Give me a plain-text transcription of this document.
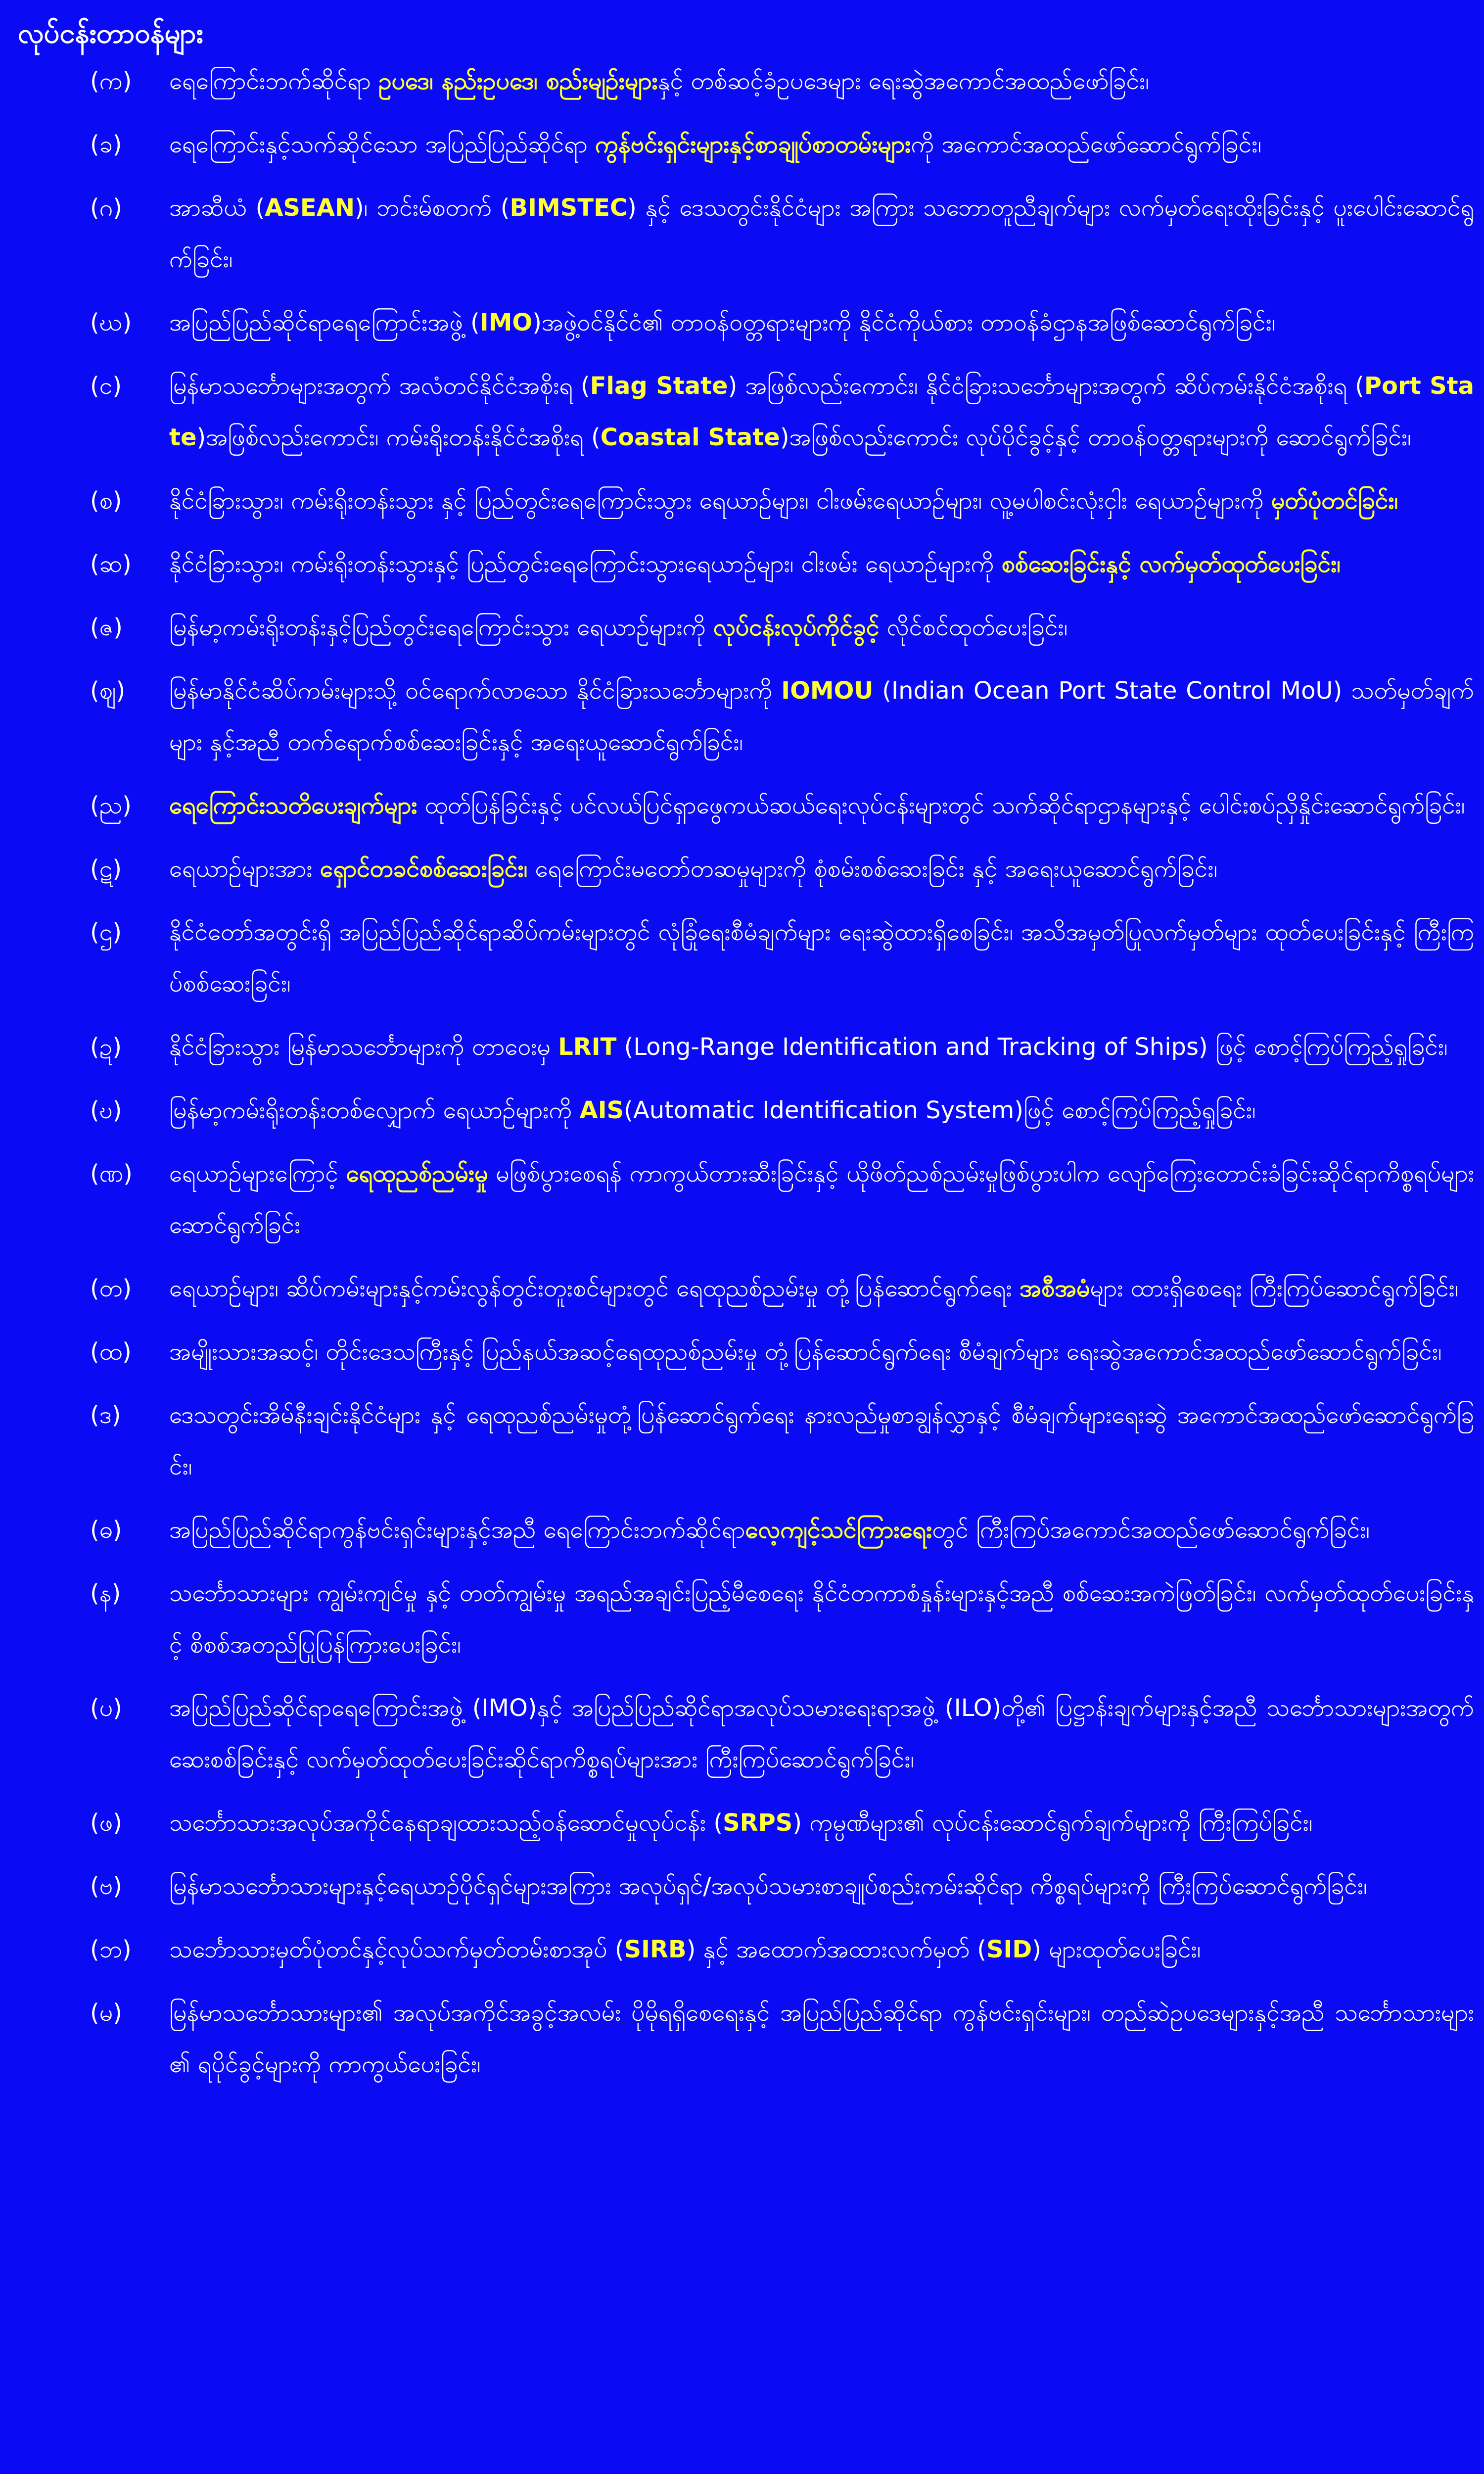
လုပ်ငန်းတာဝန်များ
(က)	ရေကြောင်းဘက်ဆိုင်ရာ ဥပဒေ၊ နည်းဥပဒေ၊ စည်းမျဉ်းများနှင့် တစ်ဆင့်ခံဥပဒေများ ရေးဆွဲအကောင်အထည်ဖော်ခြင်း၊
(ခ)	ရေကြောင်းနှင့်သက်ဆိုင်သော အပြည်ပြည်ဆိုင်ရာ ကွန်ဗင်းရှင်းများနှင့်စာချုပ်စာတမ်းများကို အကောင်အထည်ဖော်ဆောင်ရွက်ခြင်း၊
(ဂ)	အာဆီယံ (ASEAN)၊ ဘင်းမ်စတက် (BIMSTEC) နှင့် ဒေသတွင်းနိုင်ငံများ အကြား သဘောတူညီချက်များ လက်မှတ်ရေးထိုးခြင်းနှင့် ပူးပေါင်းဆောင်ရွက်ခြင်း၊
(ဃ)	အပြည်ပြည်ဆိုင်ရာရေကြောင်းအဖွဲ့ (IMO)အဖွဲ့ဝင်နိုင်ငံ၏ တာဝန်ဝတ္တရားများကို နိုင်ငံကိုယ်စား တာဝန်ခံဌာနအဖြစ်ဆောင်ရွက်ခြင်း၊
(င)	မြန်မာသင်္ဘောများအတွက် အလံတင်နိုင်ငံအစိုးရ (Flag State) အဖြစ်လည်းကောင်း၊ နိုင်ငံခြားသင်္ဘောများအတွက် ဆိပ်ကမ်းနိုင်ငံအစိုးရ (Port State)အဖြစ်လည်းကောင်း၊ ကမ်းရိုးတန်းနိုင်ငံအစိုးရ (Coastal State)အဖြစ်လည်းကောင်း လုပ်ပိုင်ခွင့်နှင့် တာဝန်ဝတ္တရားများကို ဆောင်ရွက်ခြင်း၊
(စ)	နိုင်ငံခြားသွား၊ ကမ်းရိုးတန်းသွား နှင့် ပြည်တွင်းရေကြောင်းသွား ရေယာဉ်များ၊ ငါးဖမ်းရေယာဉ်များ၊ လူ့မပါစင်းလုံးငှါး ရေယာဉ်များကို မှတ်ပုံတင်ခြင်း၊
(ဆ)	နိုင်ငံခြားသွား၊ ကမ်းရိုးတန်းသွားနှင့် ပြည်တွင်းရေကြောင်းသွားရေယာဉ်များ၊ ငါးဖမ်း ရေယာဉ်များကို စစ်ဆေးခြင်းနှင့် လက်မှတ်ထုတ်ပေးခြင်း၊
(ဇ)	မြန်မာ့ကမ်းရိုးတန်းနှင့်ပြည်တွင်းရေကြောင်းသွား ရေယာဉ်များကို လုပ်ငန်းလုပ်ကိုင်ခွင့် လိုင်စင်ထုတ်ပေးခြင်း၊
(ဈ)	မြန်မာနိုင်ငံဆိပ်ကမ်းများသို့ ဝင်ရောက်လာသော နိုင်ငံခြားသင်္ဘောများကို IOMOU (Indian Ocean Port State Control MoU) သတ်မှတ်ချက်များ နှင့်အညီ တက်ရောက်စစ်ဆေးခြင်းနှင့် အရေးယူဆောင်ရွက်ခြင်း၊
(ည)	ရေကြောင်းသတိပေးချက်များ ထုတ်ပြန်ခြင်းနှင့် ပင်လယ်ပြင်ရှာဖွေကယ်ဆယ်ရေးလုပ်ငန်းများတွင် သက်ဆိုင်ရာဌာနများနှင့် ပေါင်းစပ်ညှိနှိုင်းဆောင်ရွက်ခြင်း၊
(ဋ)	ရေယာဉ်များအား ရှောင်တခင်စစ်ဆေးခြင်း၊ ရေကြောင်းမတော်တဆမှုများကို စုံစမ်းစစ်ဆေးခြင်း နှင့် အရေးယူဆောင်ရွက်ခြင်း၊
(ဌ)	နိုင်ငံတော်အတွင်းရှိ အပြည်ပြည်ဆိုင်ရာဆိပ်ကမ်းများတွင် လုံခြုံရေးစီမံချက်များ ရေးဆွဲထားရှိစေခြင်း၊ အသိအမှတ်ပြုလက်မှတ်များ ထုတ်ပေးခြင်းနှင့် ကြီးကြပ်စစ်ဆေးခြင်း၊
(ဍ)	နိုင်ငံခြားသွား မြန်မာသင်္ဘောများကို တာဝေးမှ LRIT (Long-Range Identification and Tracking of Ships) ဖြင့် စောင့်ကြပ်ကြည့်ရှုခြင်း၊
(ဎ)	မြန်မာ့ကမ်းရိုးတန်းတစ်လျှောက် ရေယာဉ်များကို AIS(Automatic Identification System)ဖြင့် စောင့်ကြပ်ကြည့်ရှုခြင်း၊
(ဏ)	ရေယာဉ်များကြောင့် ရေထုညစ်ညမ်းမှု မဖြစ်ပွားစေရန် ကာကွယ်တားဆီးခြင်းနှင့် ယိုဖိတ်ညစ်ညမ်းမှုဖြစ်ပွားပါက လျော်ကြေးတောင်းခံခြင်းဆိုင်ရာကိစ္စရပ်များ ဆောင်ရွက်ခြင်း
(တ)	ရေယာဉ်များ၊ ဆိပ်ကမ်းများနှင့်ကမ်းလွန်တွင်းတူးစင်များတွင် ရေထုညစ်ညမ်းမှု တုံ့ပြန်ဆောင်ရွက်ရေး အစီအမံများ ထားရှိစေရေး ကြီးကြပ်ဆောင်ရွက်ခြင်း၊
(ထ)	အမျိုးသားအဆင့်၊ တိုင်းဒေသကြီးနှင့် ပြည်နယ်အဆင့်ရေထုညစ်ညမ်းမှု တုံ့ပြန်ဆောင်ရွက်ရေး စီမံချက်များ ရေးဆွဲအကောင်အထည်ဖော်ဆောင်ရွက်ခြင်း၊
(ဒ)	ဒေသတွင်းအိမ်နီးချင်းနိုင်ငံများ နှင့် ရေထုညစ်ညမ်းမှုတုံ့ပြန်ဆောင်ရွက်ရေး နားလည်မှုစာချွန်လွှာနှင့် စီမံချက်များရေးဆွဲ အကောင်အထည်ဖော်ဆောင်ရွက်ခြင်း၊
(ဓ)	အပြည်ပြည်ဆိုင်ရာကွန်ဗင်းရှင်းများနှင့်အညီ ရေကြောင်းဘက်ဆိုင်ရာလေ့ကျင့်သင်ကြားရေးတွင် ကြီးကြပ်အကောင်အထည်ဖော်ဆောင်ရွက်ခြင်း၊
(န)	သင်္ဘောသားများ ကျွမ်းကျင်မှု နှင့် တတ်ကျွမ်းမှု အရည်အချင်းပြည့်မီစေရေး နိုင်ငံတကာစံနှုန်းများနှင့်အညီ စစ်ဆေးအကဲဖြတ်ခြင်း၊ လက်မှတ်ထုတ်ပေးခြင်းနှင့် စိစစ်အတည်ပြုပြန်ကြားပေးခြင်း၊
(ပ)	အပြည်ပြည်ဆိုင်ရာရေကြောင်းအဖွဲ့ (IMO)နှင့် အပြည်ပြည်ဆိုင်ရာအလုပ်သမားရေးရာအဖွဲ့ (ILO)တို့၏ ပြဋ္ဌာန်းချက်များနှင့်အညီ သင်္ဘောသားများအတွက် ဆေးစစ်ခြင်းနှင့် လက်မှတ်ထုတ်ပေးခြင်းဆိုင်ရာကိစ္စရပ်များအား ကြီးကြပ်ဆောင်ရွက်ခြင်း၊
(ဖ)	သင်္ဘောသားအလုပ်အကိုင်နေရာချထားသည့်ဝန်ဆောင်မှုလုပ်ငန်း (SRPS) ကုမ္ပဏီများ၏ လုပ်ငန်းဆောင်ရွက်ချက်များကို ကြီးကြပ်ခြင်း၊
(ဗ)	မြန်မာသင်္ဘောသားများနှင့်ရေယာဉ်ပိုင်ရှင်များအကြား အလုပ်ရှင်/အလုပ်သမားစာချုပ်စည်းကမ်းဆိုင်ရာ ကိစ္စရပ်များကို ကြီးကြပ်ဆောင်ရွက်ခြင်း၊
(ဘ)	သင်္ဘောသားမှတ်ပုံတင်နှင့်လုပ်သက်မှတ်တမ်းစာအုပ် (SIRB) နှင့် အထောက်အထားလက်မှတ် (SID) များထုတ်ပေးခြင်း၊
(မ)	မြန်မာသင်္ဘောသားများ၏ အလုပ်အကိုင်အခွင့်အလမ်း ပိုမိုရရှိစေရေးနှင့် အပြည်ပြည်ဆိုင်ရာ ကွန်ဗင်းရှင်းများ၊ တည်ဆဲဥပဒေများနှင့်အညီ သင်္ဘောသားများ၏ ရပိုင်ခွင့်များကို ကာကွယ်ပေးခြင်း၊
